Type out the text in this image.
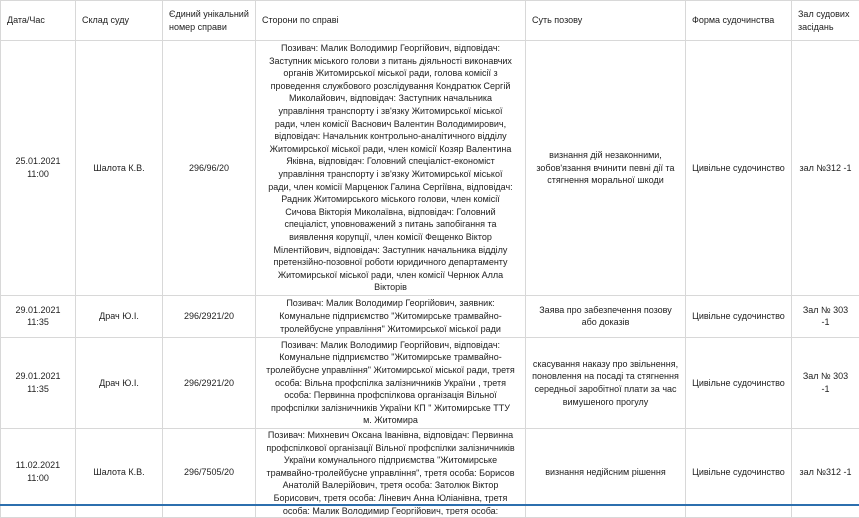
Дата/Час	Склад суду	Єдиний унікальний номер справи	Сторони по справі	Суть позову	Форма судочинства	Зал судових засідань

25.01.2021
11:00	Шалота К.В.	296/96/20	Позивач: Малик Володимир Георгійович, відповідач: Заступник міського голови з питань діяльності виконавчих органів Житомирської міської ради, голова комісії з проведення службового розслідування Кондратюк Сергій Миколайович, відповідач: Заступник начальника управління транспорту і зв'язку Житомирської міської ради, член комісії Васнович Валентин Володимирович, відповідач: Начальник контрольно-аналітичного відділу Житомирської міської ради, член комісії Козяр Валентина Яківна, відповідач: Головний спеціаліст-економіст управління транспорту і зв'язку Житомирської міської ради, член комісії Марценюк Галина Сергіївна, відповідач: Радник Житомирського міського голови, член комісії Сичова Вікторія Миколаївна, відповідач: Головний спеціаліст, уповноважений з питань запобігання та виявлення корупції, член комісії Фещенко Віктор Мілентійович, відповідач: Заступник начальника відділу претензійно-позовної роботи юридичного департаменту Житомирської міської ради, член комісії Чернюк Алла Вікторів	визнання дій незаконними, зобов'язання вчинити певні дії та стягнення моральної шкоди	Цивільне судочинство	зал №312 -1

29.01.2021
11:35	Драч Ю.І.	296/2921/20	Позивач: Малик Володимир Георгійович, заявник: Комунальне підприємство "Житомирське трамвайно-тролейбусне управління" Житомирської міської ради	Заява про забезпечення позову або доказів	Цивільне судочинство	Зал № 303 -1

29.01.2021
11:35	Драч Ю.І.	296/2921/20	Позивач: Малик Володимир Георгійович, відповідач: Комунальне підприємство "Житомирське трамвайно-тролейбусне управління" Житомирської міської ради, третя особа: Вільна профспілка залізничників України , третя особа: Первинна профспілкова організація Вільної профспілки залізничників України КП " Житомирське ТТУ м. Житомира	скасування наказу про звільнення, поновлення на посаді та стягнення середньої заробітної плати за час вимушеного прогулу	Цивільне судочинство	Зал № 303 -1

11.02.2021
11:00	Шалота К.В.	296/7505/20	Позивач: Михневич Оксана Іванівна, відповідач: Первинна профспілкової організації Вільної профспілки залізничників України комунального підприємства "Житомирське трамвайно-тролейбусне управління", третя особа: Борисов Анатолій Валерійович, третя особа: Затолюк Віктор Борисович, третя особа: Ліневич Анна Юліанівна, третя особа: Малик Володимир Георгійович, третя особа:	визнання недійсним рішення	Цивільне судочинство	зал №312 -1
